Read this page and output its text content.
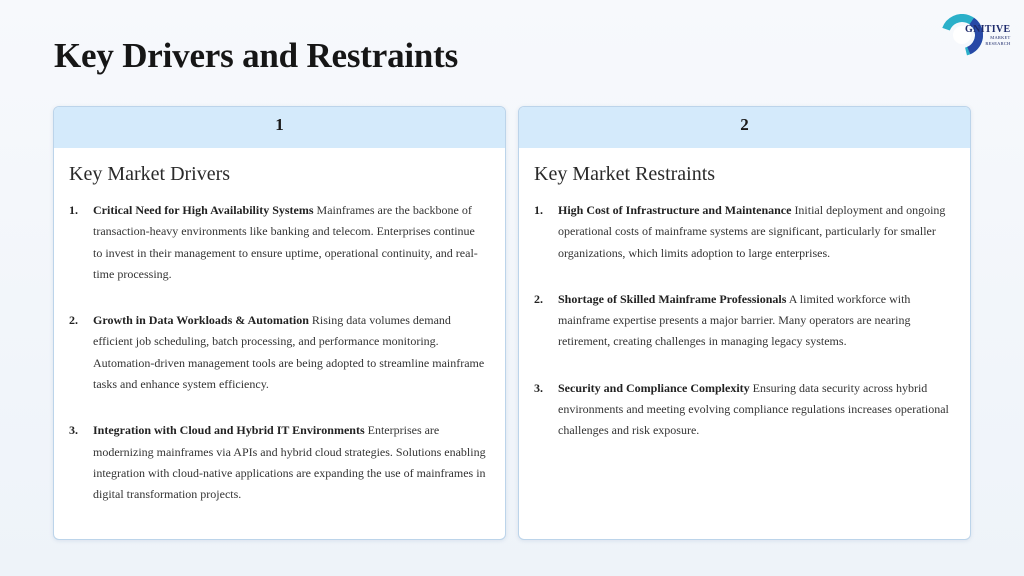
Key Drivers and Restraints
GNITIVE
MARKET
RESEARCH
1
Key Market Drivers
1.	Critical Need for High Availability Systems Mainframes are the backbone of transaction-heavy environments like banking and telecom. Enterprises continue to invest in their management to ensure uptime, operational continuity, and real-time processing.
2.	Growth in Data Workloads & Automation Rising data volumes demand efficient job scheduling, batch processing, and performance monitoring. Automation-driven management tools are being adopted to streamline mainframe tasks and enhance system efficiency.
3.	Integration with Cloud and Hybrid IT Environments Enterprises are modernizing mainframes via APIs and hybrid cloud strategies. Solutions enabling integration with cloud-native applications are expanding the use of mainframes in digital transformation projects.
2
Key Market Restraints
1.	High Cost of Infrastructure and Maintenance Initial deployment and ongoing operational costs of mainframe systems are significant, particularly for smaller organizations, which limits adoption to large enterprises.
2.	Shortage of Skilled Mainframe Professionals A limited workforce with mainframe expertise presents a major barrier. Many operators are nearing retirement, creating challenges in managing legacy systems.
3.	Security and Compliance Complexity Ensuring data security across hybrid environments and meeting evolving compliance regulations increases operational challenges and risk exposure.
